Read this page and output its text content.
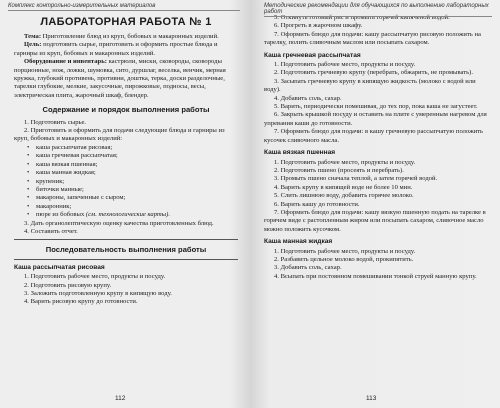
Комплекс контрольно-измерительных материалов
ЛАБОРАТОРНАЯ РАБОТА № 1

Тема: Приготовление блюд из круп, бобовых и макаронных изделий.

Цель: подготовить сырье, приготовить и оформить простые блюда и гарниры из круп, бобовых и макаронных изделий.

Оборудование и инвентарь: кастрюли, миски, сковороды, сковороды порционные, нож, ложки, шумовка, сито, дуршлаг, веселка, венчик, мерная кружка, глубокий противень, противни, доштка, терка, доски разделочные, тарелки глубокие, мелкие, закусочные, пирожковые, подносы, весы, электрическая плита, жарочный шкаф, блендер.

Содержание и порядок выполнения работы

1. Подготовить сырье.

2. Приготовить и оформить для подачи следующие блюда и гарниры из круп, бобовых и макаронных изделий:

• каша рассыпчатая рисовая;
• каша гречневая рассыпчатая;
• каша вязкая пшенная;
• каша манная жидкая;
• крупеник;
• биточки манные;
• макароны, запеченные с сыром;
• макаронник;
• пюре из бобовых (см. технологические карты).

3. Дать органолептическую оценку качества приготовленных блюд.

4. Составить отчет.

Последовательность выполнения работы
Каша рассыпчатая рисовая

1. Подготовить рабочее место, продукты и посуду.

2. Подготовить рисовую крупу.

3. Заложить подготовленную крупу в кипящую воду.

4. Варить рисовую крупу до готовности.

112
Методические рекомендации для обучающихся по выполнению лабораторных работ

5. Откинуть готовый рис и промыть горячей кипяченой водой.

6. Прогреть в жарочном шкафу.

7. Оформить блюдо для подачи: кашу рассыпчатую рисовую положить на тарелку, полить сливочным маслом или посыпать сахаром.

Каша гречневая рассыпчатая

1. Подготовить рабочее место, продукты и посуду.

2. Подготовить гречневую крупу (перебрать, обжарить, не промывать).

3. Засыпать гречневую крупу в кипящую жидкость (молоко с водой или воду).

4. Добавить соль, сахар.

5. Варить, периодически помешивая, до тех пор, пока каша не загустеет.

6. Закрыть крышкой посуду и оставить на плите с умеренным нагревом для упревания каши до готовности.

7. Оформить блюдо для подачи: в кашу гречневую рассыпчатую положить кусочек сливочного масла.

Каша вязкая пшенная

1. Подготовить рабочее место, продукты и посуду.

2. Подготовить пшено (просеять и перебрать).

3. Промыть пшено сначала теплой, а затем горячей водой.

4. Варить крупу в кипящей воде не более 10 мин.

5. Слить лишнюю воду, добавить горячее молоко.

6. Варить кашу до готовности.

7. Оформить блюдо для подачи: кашу вязкую пшенную подать на тарелке в горячем виде с растопленным жиром или посыпать сахаром, сливочное масло можно положить кусочком.

Каша манная жидкая

1. Подготовить рабочее место, продукты и посуду.

2. Разбавить цельное молоко водой, прокипятить.

3. Добавить соль, сахар.

4. Всыпать при постоянном помешивании тонкой струей манную крупу.

113
